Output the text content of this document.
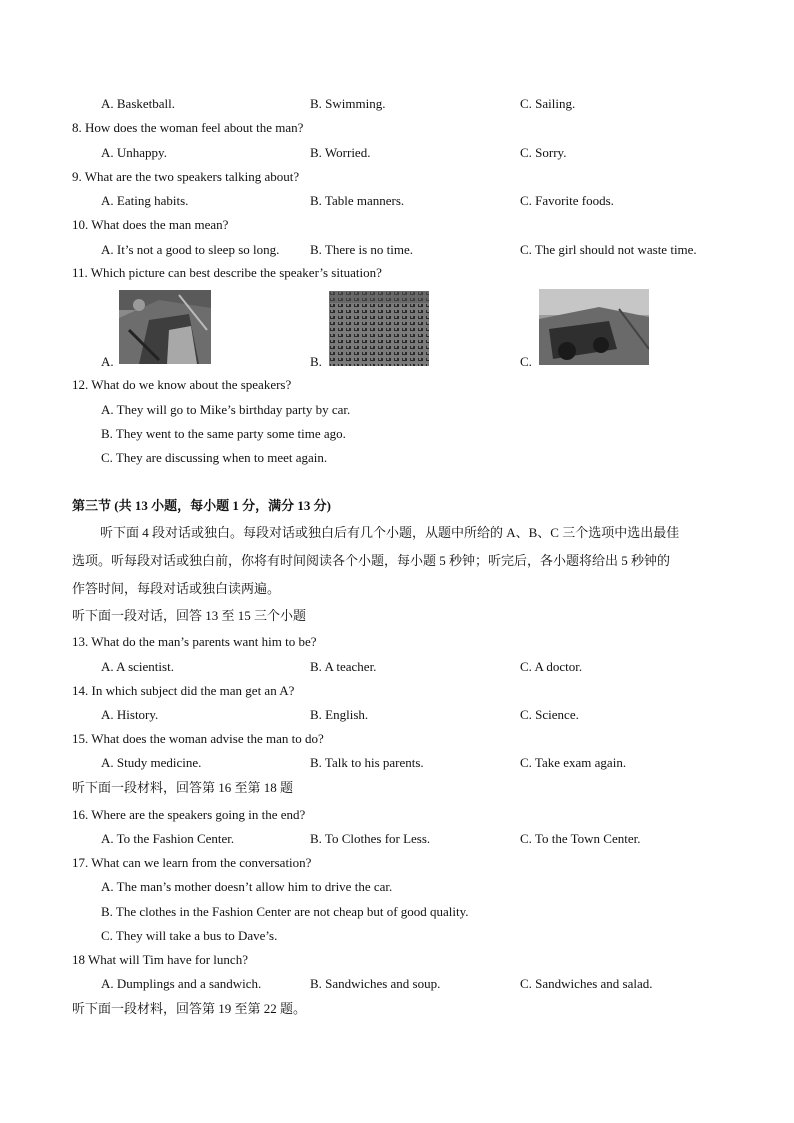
A. Basketball.	B. Swimming.	C. Sailing.
8. How does the woman feel about the man?
A. Unhappy.	B. Worried.	C. Sorry.
9. What are the two speakers talking about?
A. Eating habits.	B. Table manners.	C. Favorite foods.
10. What does the man mean?
A. It’s not a good to sleep so long. B. There is no time.	C. The girl should not waste time.
11. Which picture can best describe the speaker’s situation?
A.	B.	C.
12. What do we know about the speakers?
A. They will go to Mike’s birthday party by car.
B. They went to the same party some time ago.
C. They are discussing when to meet again.
第三节 (共 13 小题，每小题 1 分，满分 13 分)
听下面 4 段对话或独白。每段对话或独白后有几个小题，从题中所给的 A、B、C 三个选项中选出最佳
选项。听每段对话或独白前，你将有时间阅读各个小题，每小题 5 秒钟；听完后，各小题将给出 5 秒钟的
作答时间，每段对话或独白读两遍。
听下面一段对话，回答 13 至 15 三个小题
13. What do the man’s parents want him to be?
A. A scientist.	B. A teacher.	C. A doctor.
14. In which subject did the man get an A?
A. History.	B. English.	C. Science.
15. What does the woman advise the man to do?
A. Study medicine.	B. Talk to his parents.	C. Take exam again.
听下面一段材料，回答第 16 至第 18 题
16. Where are the speakers going in the end?
A. To the Fashion Center.	B. To Clothes for Less.	C. To the Town Center.
17. What can we learn from the conversation?
A. The man’s mother doesn’t allow him to drive the car.
B. The clothes in the Fashion Center are not cheap but of good quality.
C. They will take a bus to Dave’s.
18 What will Tim have for lunch?
A. Dumplings and a sandwich.	B. Sandwiches and soup.	C. Sandwiches and salad.
听下面一段材料，回答第 19 至第 22 题。
